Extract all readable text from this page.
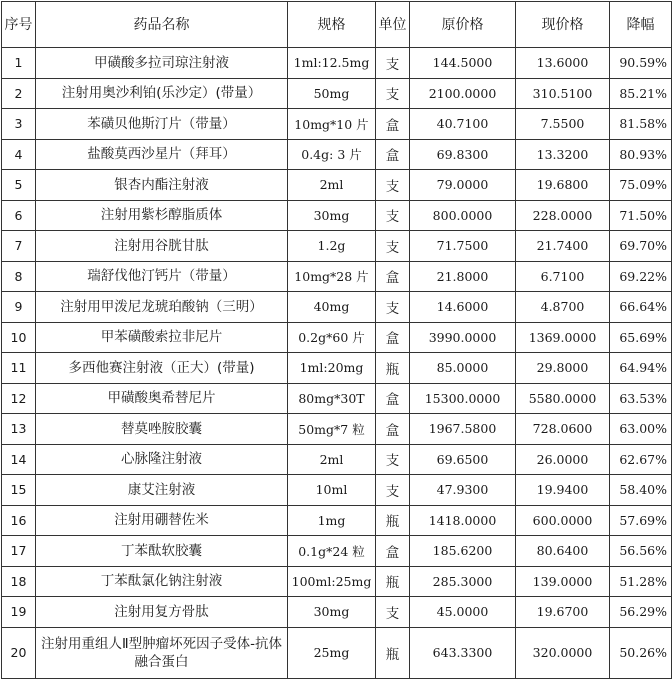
序号	药品名称	规格	单位	原价格	现价格	降幅
1	甲磺酸多拉司琼注射液	1ml:12.5mg	支	144.5000	13.6000	90.59%
2	注射用奥沙利铂(乐沙定）(带量）	50mg	支	2100.0000	310.5100	85.21%
3	苯磺贝他斯汀片（带量）	10mg*10 片	盒	40.7100	7.5500	81.58%
4	盐酸莫西沙星片（拜耳）	0.4g: 3 片	盒	69.8300	13.3200	80.93%
5	银杏内酯注射液	2ml	支	79.0000	19.6800	75.09%
6	注射用紫杉醇脂质体	30mg	支	800.0000	228.0000	71.50%
7	注射用谷胱甘肽	1.2g	支	71.7500	21.7400	69.70%
8	瑞舒伐他汀钙片（带量）	10mg*28 片	盒	21.8000	6.7100	69.22%
9	注射用甲泼尼龙琥珀酸钠（三明）	40mg	支	14.6000	4.8700	66.64%
10	甲苯磺酸索拉非尼片	0.2g*60 片	盒	3990.0000	1369.0000	65.69%
11	多西他赛注射液（正大）(带量)	1ml:20mg	瓶	85.0000	29.8000	64.94%
12	甲磺酸奥希替尼片	80mg*30T	盒	15300.0000	5580.0000	63.53%
13	替莫唑胺胶囊	50mg*7 粒	盒	1967.5800	728.0600	63.00%
14	心脉隆注射液	2ml	支	69.6500	26.0000	62.67%
15	康艾注射液	10ml	支	47.9300	19.9400	58.40%
16	注射用硼替佐米	1mg	瓶	1418.0000	600.0000	57.69%
17	丁苯酞软胶囊	0.1g*24 粒	盒	185.6200	80.6400	56.56%
18	丁苯酞氯化钠注射液	100ml:25mg	瓶	285.3000	139.0000	51.28%
19	注射用复方骨肽	30mg	支	45.0000	19.6700	56.29%
20	注射用重组人Ⅱ型肿瘤坏死因子受体-抗体融合蛋白	25mg	瓶	643.3300	320.0000	50.26%
